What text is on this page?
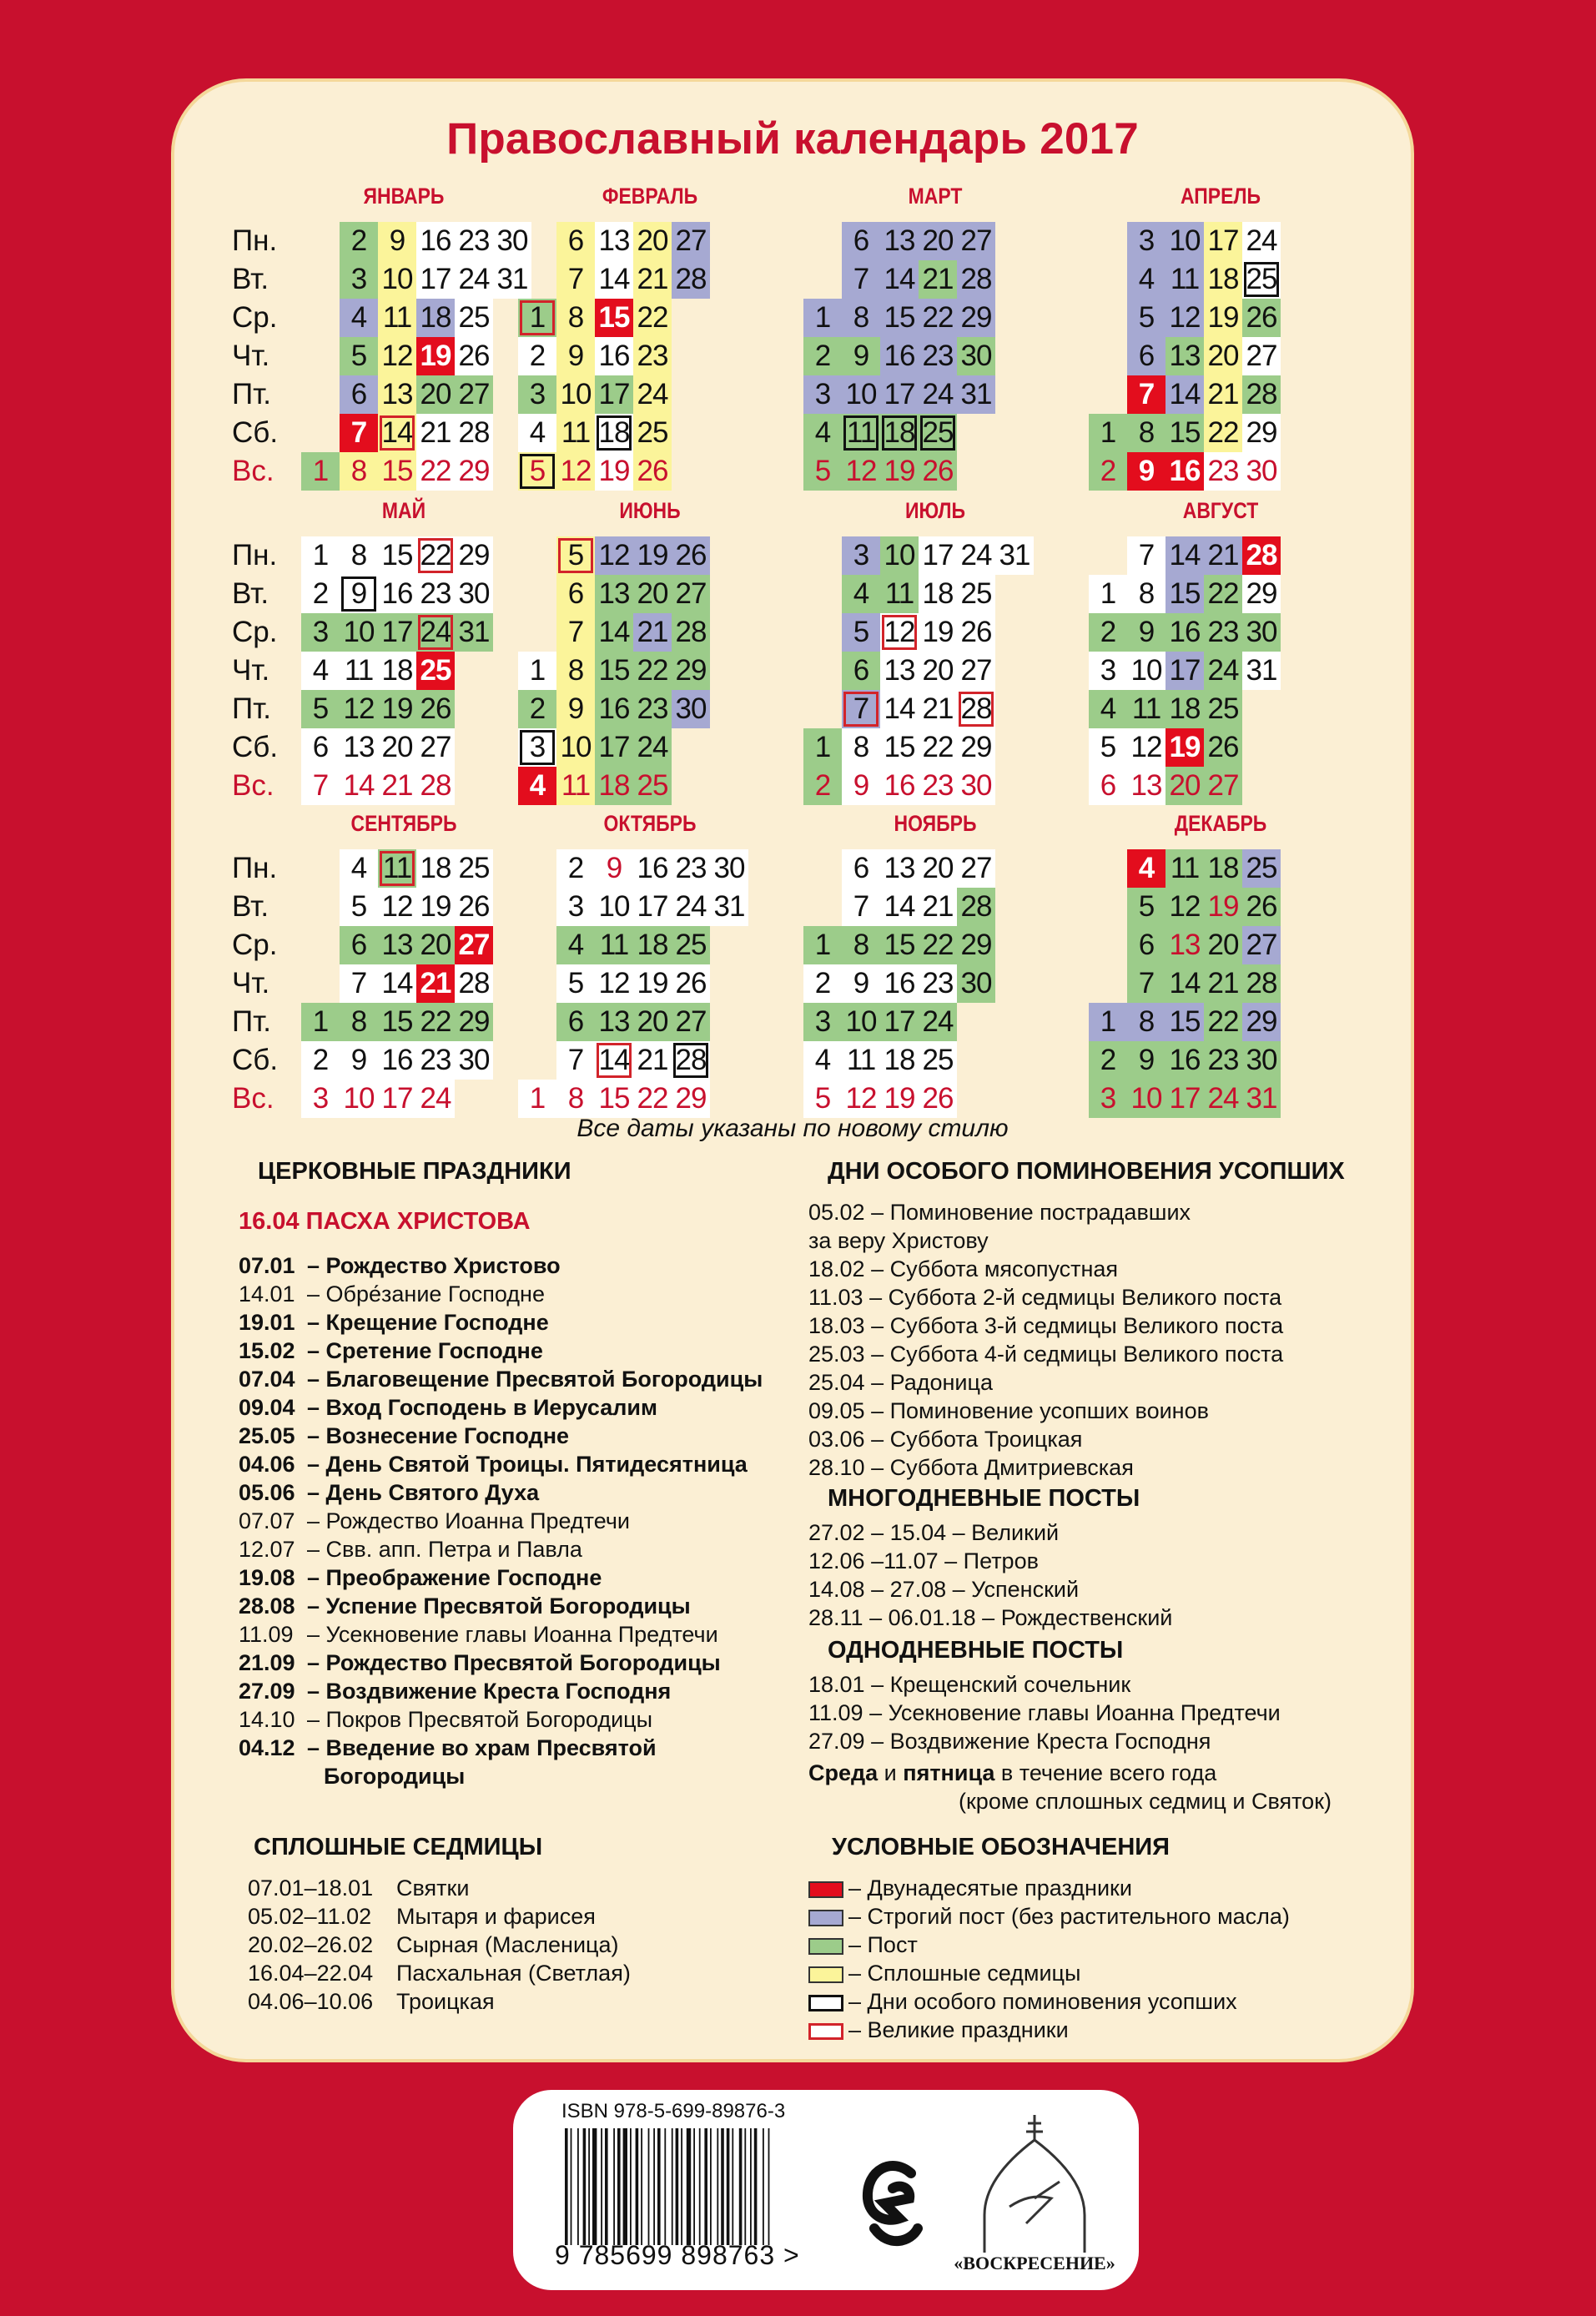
Православный календарь 2017
ЯНВАРЬ
Пн.
Вт.
Ср.
Чт.
Пт.
Сб.
Вс.	1
2
3
4
5
6
7
8
9
10
11
12
13
14
15
16
17
18
19
20
21
22
23
24
25
26
27
28
29
30
31
ФЕВРАЛЬ
1
2
3
4
5
6
7
8
9
10
11
12
13
14
15
16
17
18
19
20
21
22
23
24
25
26
27
28
МАРТ
1
2
3
4
5
6
7
8
9
10
11
12
13
14
15
16
17
18
19
20
21
22
23
24
25
26
27
28
29
30
31
АПРЕЛЬ
1
2
3
4
5
6
7
8
9
10
11
12
13
14
15
16
17
18
19
20
21
22
23
24
25
26
27
28
29
30
МАЙ
Пн.
Вт.
Ср.
Чт.
Пт.
Сб.
Вс.
1
2
3
4
5
6
7
8
9
10
11
12
13
14
15
16
17
18
19
20
21
22
23
24
25
26
27
28
29
30
31
ИЮНЬ
1
2
3
4
5
6
7
8
9
10
11
12
13
14
15
16
17
18
19
20
21
22
23
24
25
26
27
28
29
30
ИЮЛЬ
1
2
3
4
5
6
7
8
9
10
11
12
13
14
15
16
17
18
19
20
21
22
23
24
25
26
27
28
29
30
31
АВГУСТ
1
2
3
4
5
6
7
8
9
10
11
12
13
14
15
16
17
18
19
20
21
22
23
24
25
26
27
28
29
30
31
СЕНТЯБРЬ
Пн.
Вт.
Ср.
Чт.
Пт.
Сб.
Вс.
1
2
3
4
5
6
7
8
9
10
11
12
13
14
15
16
17
18
19
20
21
22
23
24
25
26
27
28
29
30
ОКТЯБРЬ
1
2
3
4
5
6
7
8
9
10
11
12
13
14
15
16
17
18
19
20
21
22
23
24
25
26
27
28
29
30
31
НОЯБРЬ
1
2
3
4
5
6
7
8
9
10
11
12
13
14
15
16
17
18
19
20
21
22
23
24
25
26
27
28
29
30
ДЕКАБРЬ
1
2
3
4
5
6
7
8
9
10
11
12
13
14
15
16
17
18
19
20
21
22
23
24
25
26
27
28
29
30
31
Все даты указаны по новому стилю
ЦЕРКОВНЫЕ ПРАЗДНИКИ
16.04 ПАСХА ХРИСТОВА
07.01 – Рождество Христово
14.01 – Обре́зание Господне
19.01 – Крещение Господне
15.02 – Сретение Господне
07.04 – Благовещение Пресвятой Богородицы
09.04 – Вход Господень в Иерусалим
25.05 – Вознесение Господне
04.06 – День Святой Троицы. Пятидесятница
05.06 – День Святого Духа
07.07 – Рождество Иоанна Предтечи
12.07 – Свв. апп. Петра и Павла
19.08 – Преображение Господне
28.08 – Успение Пресвятой Богородицы
11.09 – Усекновение главы Иоанна Предтечи
21.09 – Рождество Пресвятой Богородицы
27.09 – Воздвижение Креста Господня
14.10 – Покров Пресвятой Богородицы
04.12 – Введение во храм Пресвятой
Богородицы
ДНИ ОСОБОГО ПОМИНОВЕНИЯ УСОПШИХ
05.02 – Поминовение пострадавших
за веру Христову
18.02 – Суббота мясопустная
11.03 – Суббота 2-й седмицы Великого поста
18.03 – Суббота 3-й седмицы Великого поста
25.03 – Суббота 4-й седмицы Великого поста
25.04 – Радоница
09.05 – Поминовение усопших воинов
03.06 – Суббота Троицкая
28.10 – Суббота Дмитриевская
МНОГОДНЕВНЫЕ ПОСТЫ
27.02 – 15.04 – Великий
12.06 –11.07 – Петров
14.08 – 27.08 – Успенский
28.11 – 06.01.18 – Рождественский
ОДНОДНЕВНЫЕ ПОСТЫ
18.01 – Крещенский сочельник
11.09 – Усекновение главы Иоанна Предтечи
27.09 – Воздвижение Креста Господня
Среда и пятница в течение всего года
(кроме сплошных седмиц и Святок)
СПЛОШНЫЕ СЕДМИЦЫ
07.01–18.01 Святки
05.02–11.02 Мытаря и фарисея
20.02–26.02 Сырная (Масленица)
16.04–22.04 Пасхальная (Светлая)
04.06–10.06 Троицкая
УСЛОВНЫЕ ОБОЗНАЧЕНИЯ
– Двунадесятые праздники
– Строгий пост (без растительного масла)
– Пост
– Сплошные седмицы
– Дни особого поминовения усопших
– Великие праздники
ISBN 978-5-699-89876-3
9 785699 898763 >	«ВОСКРЕСЕНИЕ»
